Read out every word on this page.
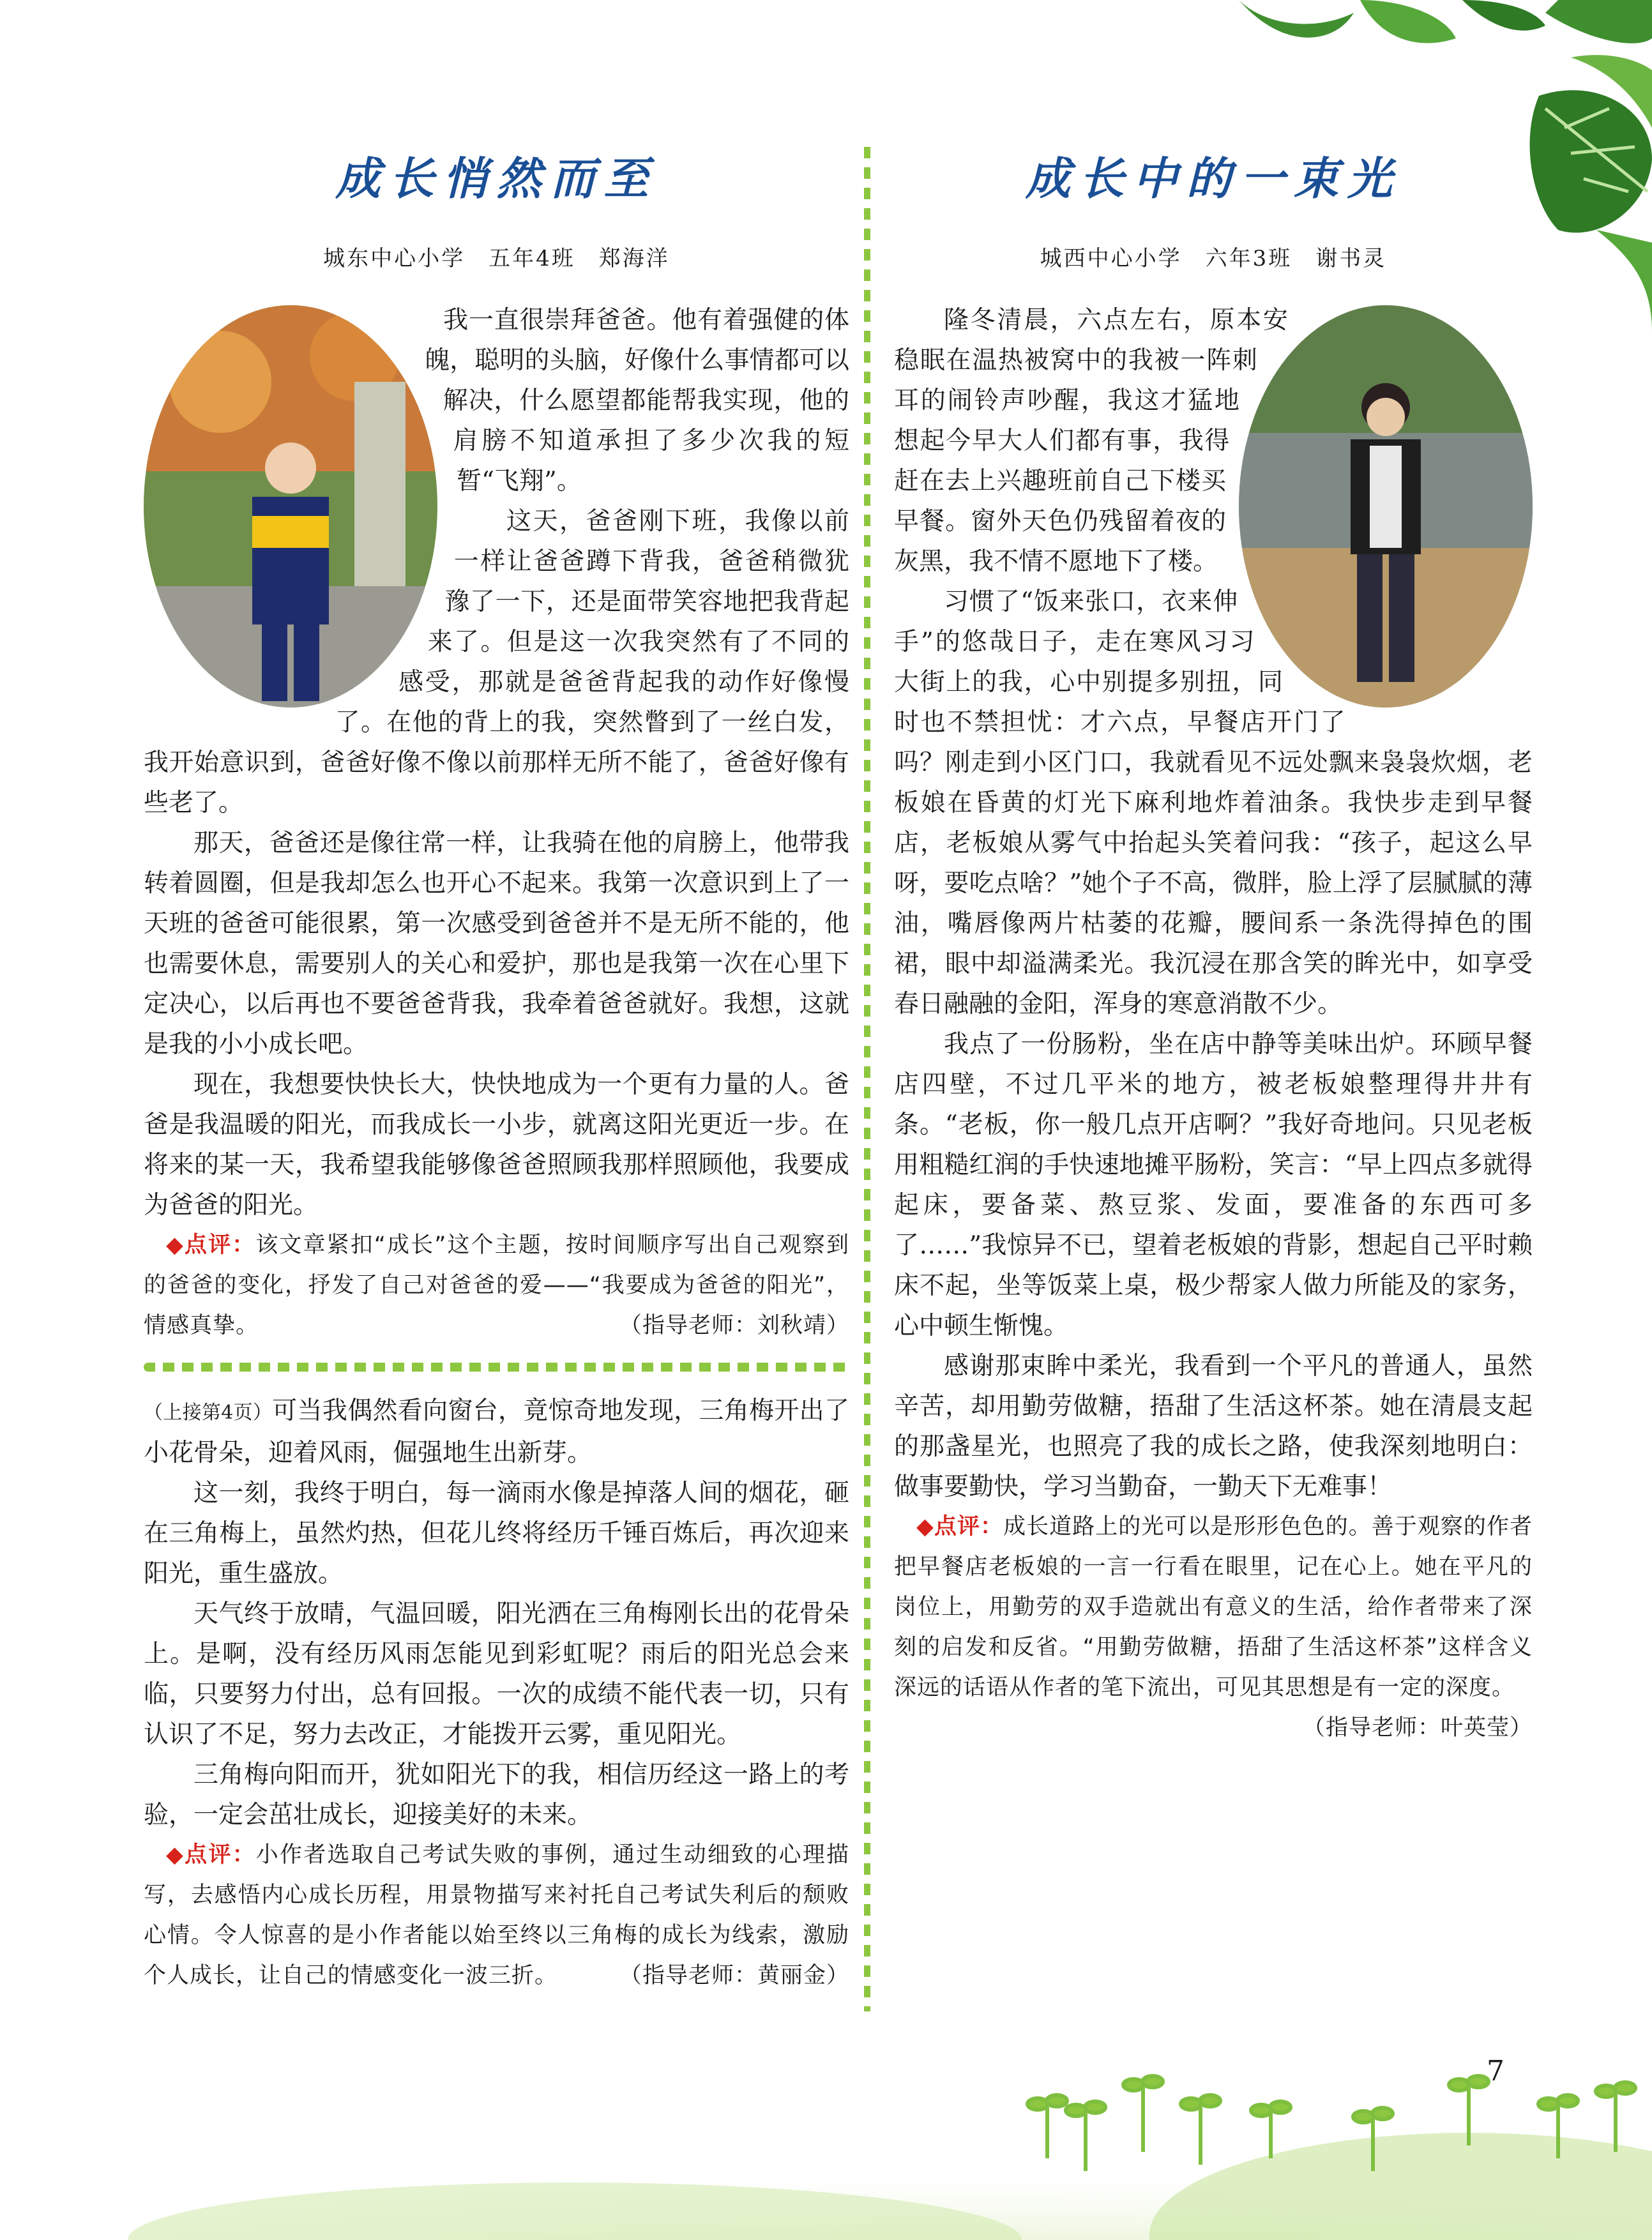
成长悄然而至
城东中心小学　五年4班　郑海洋

我一直很崇拜爸爸。他有着强健的体魄，聪明的头脑，好像什么事情都可以解决，什么愿望都能帮我实现，他的肩膀不知道承担了多少次我的短暂“飞翔”。

这天，爸爸刚下班，我像以前一样让爸爸蹲下背我，爸爸稍微犹豫了一下，还是面带笑容地把我背起来了。但是这一次我突然有了不同的感受，那就是爸爸背起我的动作好像慢了。在他的背上的我，突然瞥到了一丝白发，我开始意识到，爸爸好像不像以前那样无所不能了，爸爸好像有些老了。

那天，爸爸还是像往常一样，让我骑在他的肩膀上，他带我转着圆圈，但是我却怎么也开心不起来。我第一次意识到上了一天班的爸爸可能很累，第一次感受到爸爸并不是无所不能的，他也需要休息，需要别人的关心和爱护，那也是我第一次在心里下定决心，以后再也不要爸爸背我，我牵着爸爸就好。我想，这就是我的小小成长吧。

现在，我想要快快长大，快快地成为一个更有力量的人。爸爸是我温暖的阳光，而我成长一小步，就离这阳光更近一步。在将来的某一天，我希望我能够像爸爸照顾我那样照顾他，我要成为爸爸的阳光。

◆点评：该文章紧扣“成长”这个主题，按时间顺序写出自己观察到的爸爸的变化，抒发了自己对爸爸的爱——“我要成为爸爸的阳光”，情感真挚。	（指导老师：刘秋靖）

（上接第4页）可当我偶然看向窗台，竟惊奇地发现，三角梅开出了小花骨朵，迎着风雨，倔强地生出新芽。

这一刻，我终于明白，每一滴雨水像是掉落人间的烟花，砸在三角梅上，虽然灼热，但花儿终将经历千锤百炼后，再次迎来阳光，重生盛放。

天气终于放晴，气温回暖，阳光洒在三角梅刚长出的花骨朵上。是啊，没有经历风雨怎能见到彩虹呢？雨后的阳光总会来临，只要努力付出，总有回报。一次的成绩不能代表一切，只有认识了不足，努力去改正，才能拨开云雾，重见阳光。

三角梅向阳而开，犹如阳光下的我，相信历经这一路上的考验，一定会茁壮成长，迎接美好的未来。

◆点评：小作者选取自己考试失败的事例，通过生动细致的心理描写，去感悟内心成长历程，用景物描写来衬托自己考试失利后的颓败心情。令人惊喜的是小作者能以始至终以三角梅的成长为线索，激励个人成长，让自己的情感变化一波三折。	（指导老师：黄丽金）

成长中的一束光
城西中心小学　六年3班　谢书灵

隆冬清晨，六点左右，原本安稳眠在温热被窝中的我被一阵刺耳的闹铃声吵醒，我这才猛地想起今早大人们都有事，我得赶在去上兴趣班前自己下楼买早餐。窗外天色仍残留着夜的灰黑，我不情不愿地下了楼。

习惯了“饭来张口，衣来伸手”的悠哉日子，走在寒风习习大街上的我，心中别提多别扭，同时也不禁担忧：才六点，早餐店开门了吗？刚走到小区门口，我就看见不远处飘来袅袅炊烟，老板娘在昏黄的灯光下麻利地炸着油条。我快步走到早餐店，老板娘从雾气中抬起头笑着问我：“孩子，起这么早呀，要吃点啥？”她个子不高，微胖，脸上浮了层腻腻的薄油，嘴唇像两片枯萎的花瓣，腰间系一条洗得掉色的围裙，眼中却溢满柔光。我沉浸在那含笑的眸光中，如享受春日融融的金阳，浑身的寒意消散不少。

我点了一份肠粉，坐在店中静等美味出炉。环顾早餐店四壁，不过几平米的地方，被老板娘整理得井井有条。“老板，你一般几点开店啊？”我好奇地问。只见老板用粗糙红润的手快速地摊平肠粉，笑言：“早上四点多就得起床，要备菜、熬豆浆、发面，要准备的东西可多了……”我惊异不已，望着老板娘的背影，想起自己平时赖床不起，坐等饭菜上桌，极少帮家人做力所能及的家务，心中顿生惭愧。

感谢那束眸中柔光，我看到一个平凡的普通人，虽然辛苦，却用勤劳做糖，捂甜了生活这杯茶。她在清晨支起的那盏星光，也照亮了我的成长之路，使我深刻地明白：做事要勤快，学习当勤奋，一勤天下无难事！

◆点评：成长道路上的光可以是形形色色的。善于观察的作者把早餐店老板娘的一言一行看在眼里，记在心上。她在平凡的岗位上，用勤劳的双手造就出有意义的生活，给作者带来了深刻的启发和反省。“用勤劳做糖，捂甜了生活这杯茶”这样含义深远的话语从作者的笔下流出，可见其思想是有一定的深度。
（指导老师：叶英莹）

7
